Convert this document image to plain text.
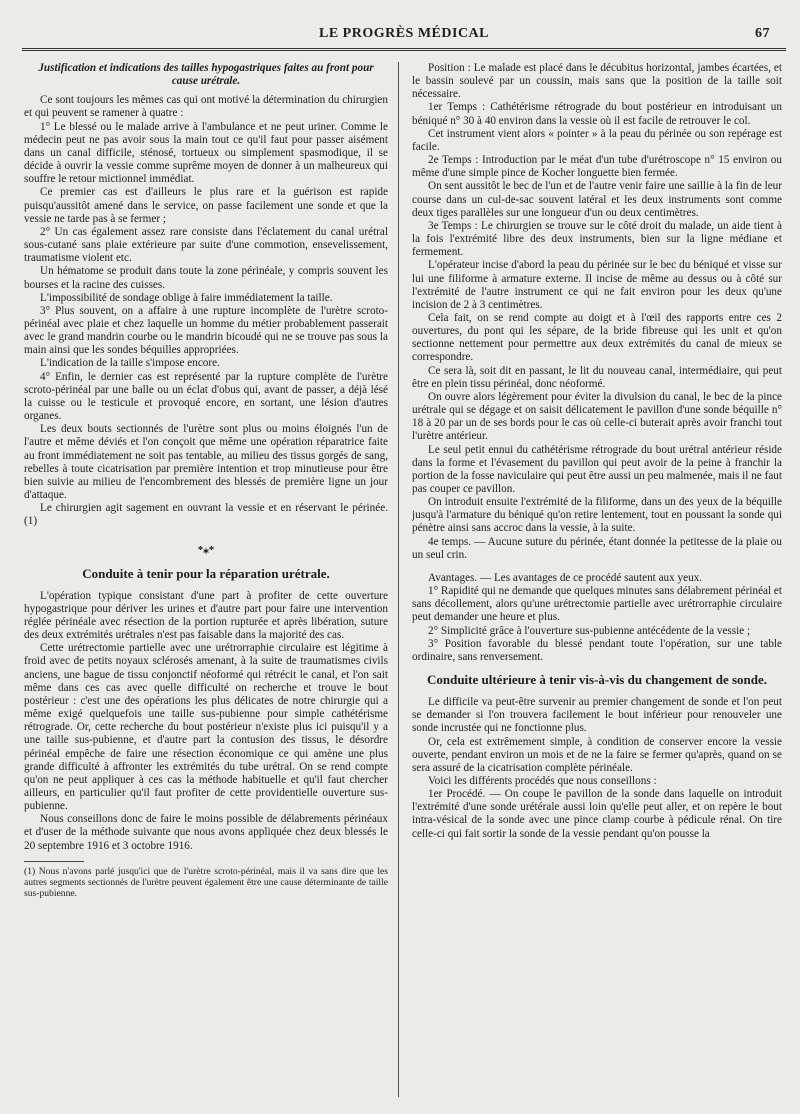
LE PROGRÈS MÉDICAL	67

Justification et indications des tailles hypogastriques faites au front pour cause urétrale.

Ce sont toujours les mêmes cas qui ont motivé la détermination du chirurgien et qui peuvent se ramener à quatre :

1° Le blessé ou le malade arrive à l'ambulance et ne peut uriner. Comme le médecin peut ne pas avoir sous la main tout ce qu'il faut pour passer aisément dans un canal difficile, sténosé, tortueux ou simplement spasmodique, il se décide à ouvrir la vessie comme suprême moyen de donner à un malheureux qui souffre le retour mictionnel immédiat.

Ce premier cas est d'ailleurs le plus rare et la guérison est rapide puisqu'aussitôt amené dans le service, on passe facilement une sonde et que la vessie ne tarde pas à se fermer ;

2° Un cas également assez rare consiste dans l'éclatement du canal urétral sous-cutané sans plaie extérieure par suite d'une commotion, ensevelissement, traumatisme violent etc.

Un hématome se produit dans toute la zone périnéale, y compris souvent les bourses et la racine des cuisses.

L'impossibilité de sondage oblige à faire immédiatement la taille.

3° Plus souvent, on a affaire à une rupture incomplète de l'urètre scroto-périnéal avec plaie et chez laquelle un homme du métier probablement passerait avec le grand mandrin courbe ou le mandrin bicoudé qui ne se trouve pas sous la main ainsi que les sondes béquilles appropriées.

L'indication de la taille s'impose encore.

4° Enfin, le dernier cas est représenté par la rupture complète de l'urètre scroto-périnéal par une balle ou un éclat d'obus qui, avant de passer, a déjà lésé la cuisse ou le testicule et provoqué encore, en sortant, une lésion d'autres organes.

Les deux bouts sectionnés de l'urètre sont plus ou moins éloignés l'un de l'autre et même déviés et l'on conçoit que même une opération réparatrice faite au front immédiatement ne soit pas tentable, au milieu des tissus gorgés de sang, rebelles à toute cicatrisation par première intention et trop minutieuse pour être bien suivie au milieu de l'encombrement des blessés de première ligne un jour d'attaque.

Le chirurgien agit sagement en ouvrant la vessie et en réservant le périnée. (1)

*⁎*

Conduite à tenir pour la réparation urétrale.

L'opération typique consistant d'une part à profiter de cette ouverture hypogastrique pour dériver les urines et d'autre part pour faire une intervention réglée périnéale avec résection de la portion rupturée et après libération, suture des deux extrémités urétrales n'est pas faisable dans la majorité des cas.

Cette urétrectomie partielle avec une urétrorraphie circulaire est légitime à froid avec de petits noyaux sclérosés amenant, à la suite de traumatismes civils anciens, une bague de tissu conjonctif néoformé qui rétrécit le canal, et l'on sait même dans ces cas avec quelle difficulté on recherche et trouve le bout postérieur : c'est une des opérations les plus délicates de notre chirurgie qui a même exigé quelquefois une taille sus-pubienne pour simple cathétérisme rétrograde. Or, cette recherche du bout postérieur n'existe plus ici puisqu'il y a une taille sus-pubienne, et d'autre part la contusion des tissus, le désordre périnéal empêche de faire une résection économique ce qui amène une plus grande difficulté à affronter les extrémités du tube urétral. On se rend compte qu'on ne peut appliquer à ces cas la méthode habituelle et qu'il faut chercher ailleurs, en particulier qu'il faut profiter de cette providentielle ouverture sus-pubienne.

Nous conseillons donc de faire le moins possible de délabrements périnéaux et d'user de la méthode suivante que nous avons appliquée chez deux blessés le 20 septembre 1916 et 3 octobre 1916.

(1) Nous n'avons parlé jusqu'ici que de l'urètre scroto-périnéal, mais il va sans dire que les autres segments sectionnés de l'urètre peuvent également être une cause déterminante de taille sus-pubienne.

Position : Le malade est placé dans le décubitus horizontal, jambes écartées, et le bassin soulevé par un coussin, mais sans que la position de la taille soit nécessaire.

1er Temps : Cathétérisme rétrograde du bout postérieur en introduisant un béniqué n° 30 à 40 environ dans la vessie où il est facile de retrouver le col.

Cet instrument vient alors « pointer » à la peau du périnée ou son repérage est facile.

2e Temps : Introduction par le méat d'un tube d'urétroscope n° 15 environ ou même d'une simple pince de Kocher longuette bien fermée.

On sent aussitôt le bec de l'un et de l'autre venir faire une saillie à la fin de leur course dans un cul-de-sac souvent latéral et les deux instruments sont comme deux tiges parallèles sur une longueur d'un ou deux centimètres.

3e Temps : Le chirurgien se trouve sur le côté droit du malade, un aide tient à la fois l'extrémité libre des deux instruments, bien sur la ligne médiane et fermement.

L'opérateur incise d'abord la peau du périnée sur le bec du béniqué et visse sur lui une filiforme à armature externe. Il incise de même au dessus ou à côté sur l'extrémité de l'autre instrument ce qui ne fait environ pour les deux qu'une incision de 2 à 3 centimètres.

Cela fait, on se rend compte au doigt et à l'œil des rapports entre ces 2 ouvertures, du pont qui les sépare, de la bride fibreuse qui les unit et qu'on sectionne nettement pour permettre aux deux extrémités du canal de mieux se correspondre.

Ce sera là, soit dit en passant, le lit du nouveau canal, intermédiaire, qui peut être en plein tissu périnéal, donc néoformé.

On ouvre alors légèrement pour éviter la divulsion du canal, le bec de la pince urétrale qui se dégage et on saisit délicatement le pavillon d'une sonde béquille n° 18 à 20 par un de ses bords pour le cas où celle-ci buterait après avoir franchi tout l'urètre antérieur.

Le seul petit ennui du cathétérisme rétrograde du bout urétral antérieur réside dans la forme et l'évasement du pavillon qui peut avoir de la peine à franchir la portion de la fosse naviculaire qui peut être aussi un peu malmenée, mais il ne faut pas couper ce pavillon.

On introduit ensuite l'extrémité de la filiforme, dans un des yeux de la béquille jusqu'à l'armature du béniqué qu'on retire lentement, tout en poussant la sonde qui pénètre ainsi sans accroc dans la vessie, à la suite.

4e temps. — Aucune suture du périnée, étant donnée la petitesse de la plaie ou un seul crin.

Avantages. — Les avantages de ce procédé sautent aux yeux.

1° Rapidité qui ne demande que quelques minutes sans délabrement périnéal et sans décollement, alors qu'une urétrectomie partielle avec urétrorraphie circulaire peut demander une heure et plus.

2° Simplicité grâce à l'ouverture sus-pubienne antécédente de la vessie ;

3° Position favorable du blessé pendant toute l'opération, sur une table ordinaire, sans renversement.

Conduite ultérieure à tenir vis-à-vis du changement de sonde.

Le difficile va peut-être survenir au premier changement de sonde et l'on peut se demander si l'on trouvera facilement le bout inférieur pour renouveler une sonde incrustée qui ne fonctionne plus.

Or, cela est extrêmement simple, à condition de conserver encore la vessie ouverte, pendant environ un mois et de ne la faire se fermer qu'après, quand on se sera assuré de la cicatrisation complète périnéale.

Voici les différents procédés que nous conseillons :

1er Procédé. — On coupe le pavillon de la sonde dans laquelle on introduit l'extrémité d'une sonde urétérale aussi loin qu'elle peut aller, et on repère le bout intra-vésical de la sonde avec une pince clamp courbe à pédicule rénal. On tire celle-ci qui fait sortir la sonde de la vessie pendant qu'on pousse la
